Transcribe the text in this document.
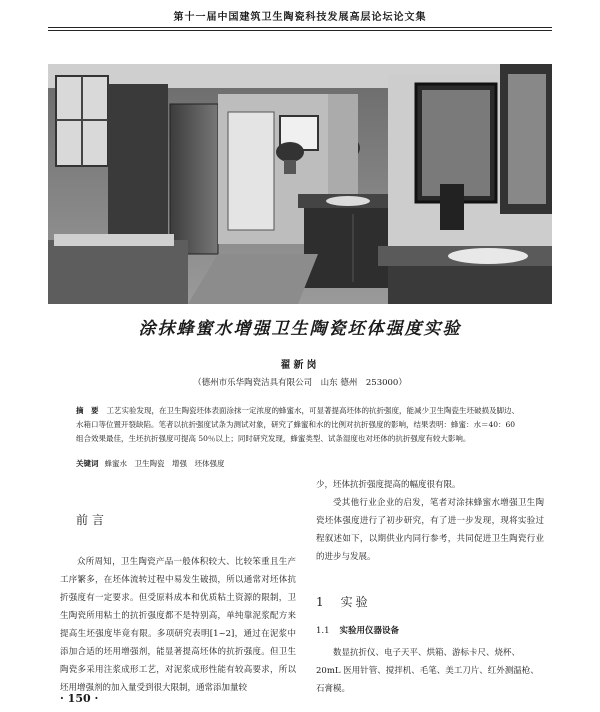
第十一届中国建筑卫生陶瓷科技发展高层论坛论文集
涂抹蜂蜜水增强卫生陶瓷坯体强度实验
翟新岗
（德州市乐华陶瓷洁具有限公司　山东 德州　253000）
摘　要 工艺实验发现，在卫生陶瓷坯体表面涂抹一定浓度的蜂蜜水，可显著提高坯体的抗折强度，能减少卫生陶瓷生坯破损及脚边、水箱口等位置开裂缺陷。笔者以抗折强度试条为测试对象，研究了蜂蜜和水的比例对抗折强度的影响，结果表明：蜂蜜：水＝40：60 组合效果最佳，生坯抗折强度可提高 50％以上；同时研究发现，蜂蜜类型、试条湿度也对坯体的抗折强度有较大影响。
关键词 蜂蜜水　卫生陶瓷　增强　坯体强度
前言

众所周知，卫生陶瓷产品一般体积较大、比较笨重且生产工序繁多，在坯体流转过程中易发生破损，所以通常对坯体抗折强度有一定要求。但受原料成本和优质粘土资源的限制，卫生陶瓷所用粘土的抗折强度都不是特别高，单纯靠泥浆配方来提高生坯强度毕竟有限。多项研究表明[1~2]，通过在泥浆中添加合适的坯用增强剂，能显著提高坯体的抗折强度。但卫生陶瓷多采用注浆成形工艺，对泥浆成形性能有较高要求，所以坯用增强剂的加入量受到很大限制，通常添加量较

少，坯体抗折强度提高的幅度很有限。

受其他行业企业的启发，笔者对涂抹蜂蜜水增强卫生陶瓷坯体强度进行了初步研究，有了进一步发现，现将实验过程叙述如下，以期供业内同行参考，共同促进卫生陶瓷行业的进步与发展。

1 实验
1.1 实验用仪器设备

数显抗折仪、电子天平、烘箱、游标卡尺、烧杯、20mL 医用针管、搅拌机、毛笔、美工刀片、红外测温枪、石膏模。

· 150 ·
